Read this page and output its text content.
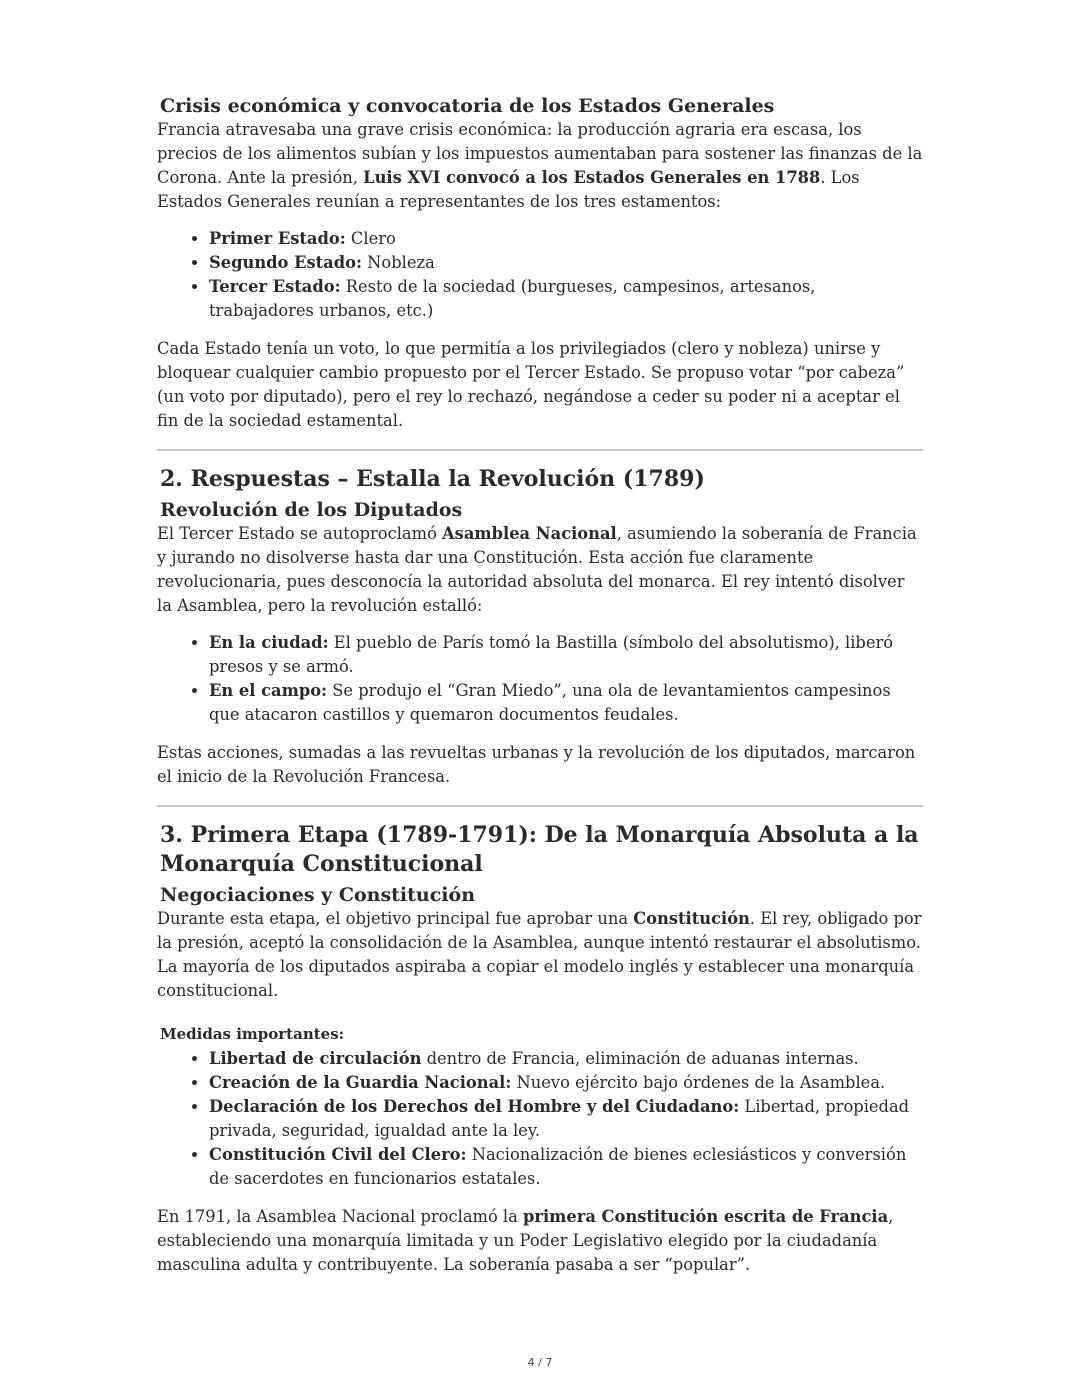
Crisis económica y convocatoria de los Estados Generales

Francia atravesaba una grave crisis económica: la producción agraria era escasa, los precios de los alimentos subían y los impuestos aumentaban para sostener las finanzas de la Corona. Ante la presión, Luis XVI convocó a los Estados Generales en 1788. Los Estados Generales reunían a representantes de los tres estamentos:

• Primer Estado: Clero
• Segundo Estado: Nobleza
• Tercer Estado: Resto de la sociedad (burgueses, campesinos, artesanos, trabajadores urbanos, etc.)

Cada Estado tenía un voto, lo que permitía a los privilegiados (clero y nobleza) unirse y bloquear cualquier cambio propuesto por el Tercer Estado. Se propuso votar “por cabeza” (un voto por diputado), pero el rey lo rechazó, negándose a ceder su poder ni a aceptar el fin de la sociedad estamental.

2. Respuestas – Estalla la Revolución (1789)
Revolución de los Diputados

El Tercer Estado se autoproclamó Asamblea Nacional, asumiendo la soberanía de Francia y jurando no disolverse hasta dar una Constitución. Esta acción fue claramente revolucionaria, pues desconocía la autoridad absoluta del monarca. El rey intentó disolver la Asamblea, pero la revolución estalló:

• En la ciudad: El pueblo de París tomó la Bastilla (símbolo del absolutismo), liberó presos y se armó.
• En el campo: Se produjo el “Gran Miedo”, una ola de levantamientos campesinos que atacaron castillos y quemaron documentos feudales.

Estas acciones, sumadas a las revueltas urbanas y la revolución de los diputados, marcaron el inicio de la Revolución Francesa.

3. Primera Etapa (1789-1791): De la Monarquía Absoluta a la Monarquía Constitucional
Negociaciones y Constitución

Durante esta etapa, el objetivo principal fue aprobar una Constitución. El rey, obligado por la presión, aceptó la consolidación de la Asamblea, aunque intentó restaurar el absolutismo. La mayoría de los diputados aspiraba a copiar el modelo inglés y establecer una monarquía constitucional.

Medidas importantes:
• Libertad de circulación dentro de Francia, eliminación de aduanas internas.
• Creación de la Guardia Nacional: Nuevo ejército bajo órdenes de la Asamblea.
• Declaración de los Derechos del Hombre y del Ciudadano: Libertad, propiedad privada, seguridad, igualdad ante la ley.
• Constitución Civil del Clero: Nacionalización de bienes eclesiásticos y conversión de sacerdotes en funcionarios estatales.

En 1791, la Asamblea Nacional proclamó la primera Constitución escrita de Francia, estableciendo una monarquía limitada y un Poder Legislativo elegido por la ciudadanía masculina adulta y contribuyente. La soberanía pasaba a ser “popular”.

4 / 7
